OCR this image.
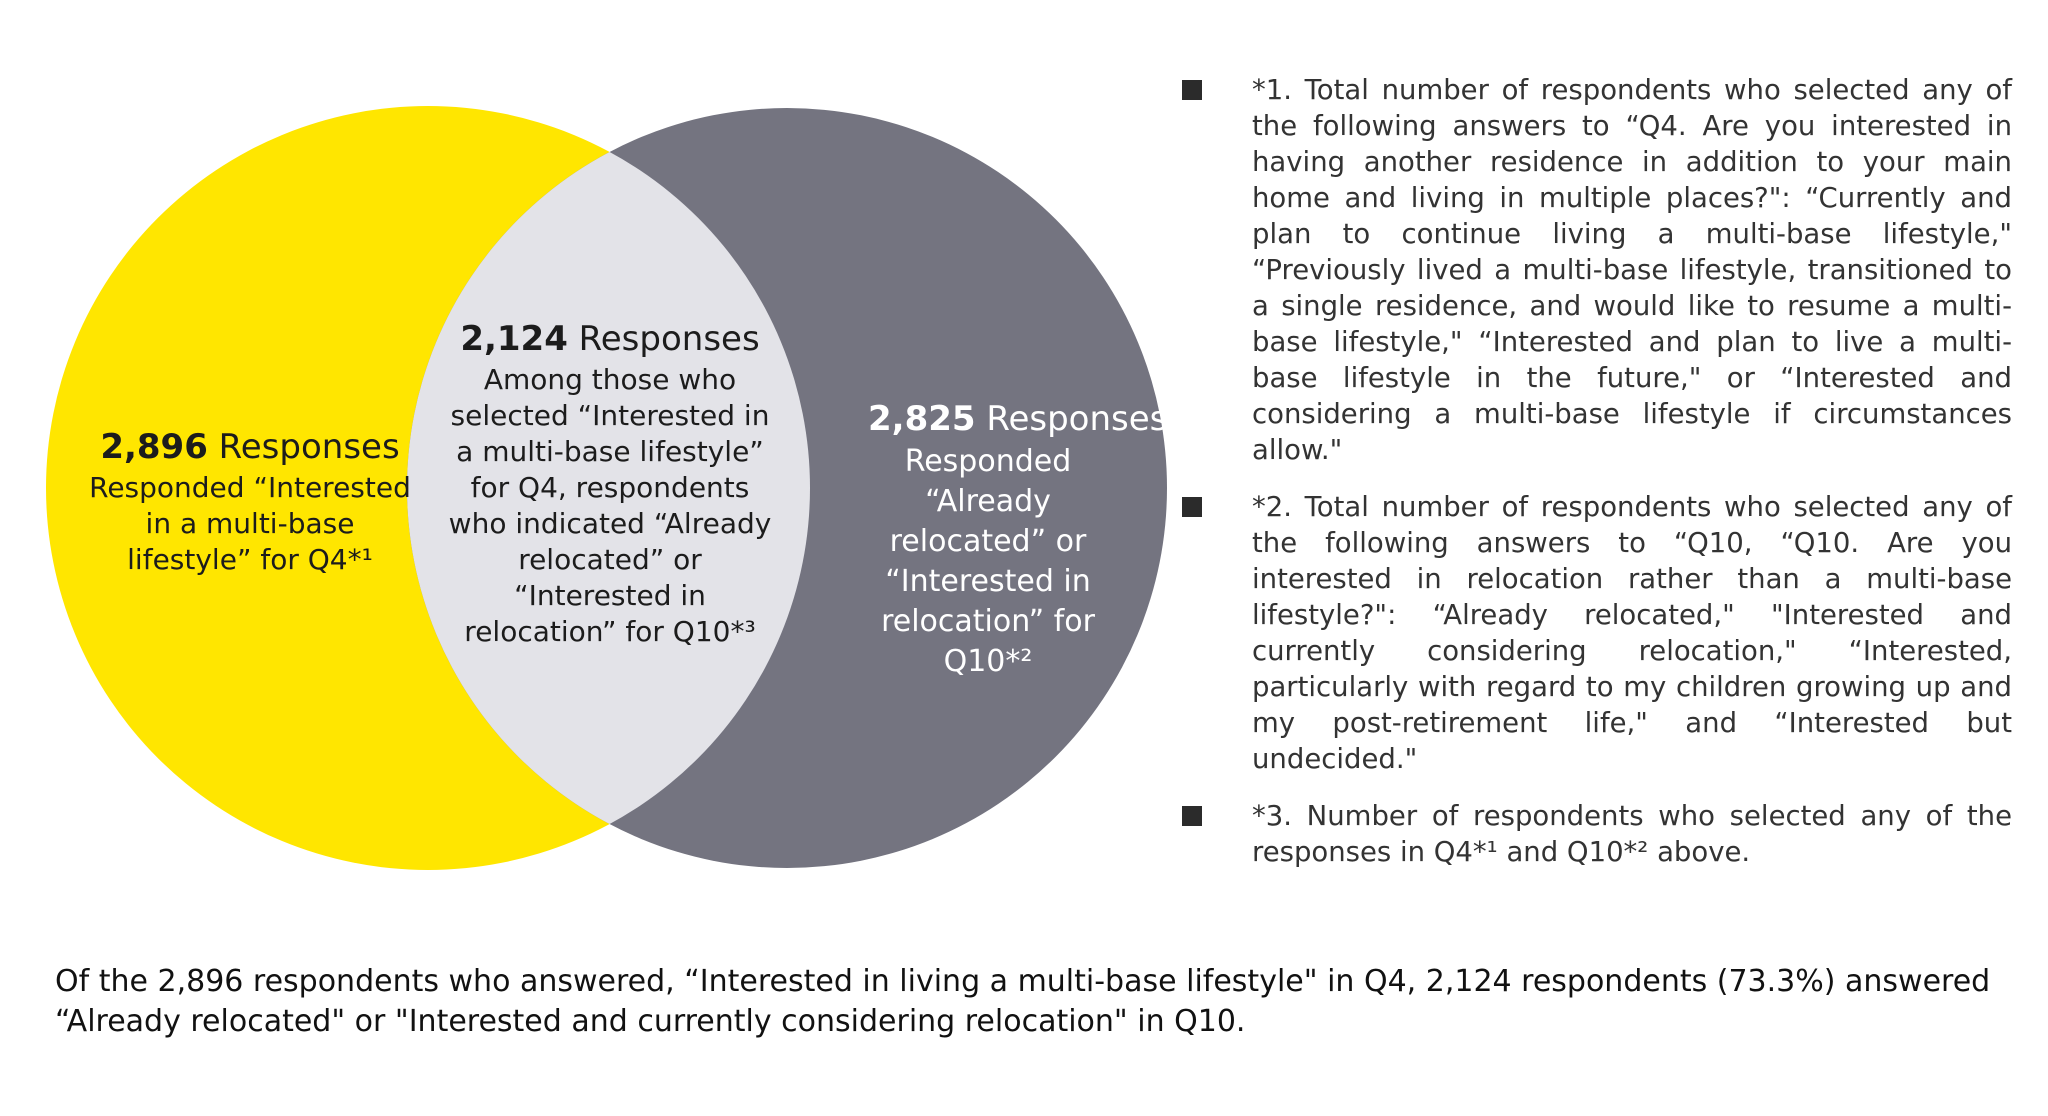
2,896 Responses
Responded “Interested in a multi-base lifestyle” for Q4*¹
2,124 Responses
Among those who selected “Interested in a multi-base lifestyle” for Q4, respondents who indicated “Already relocated” or “Interested in relocation” for Q10*³
2,825 Responses
Responded “Already relocated” or “Interested in relocation” for Q10*²
*1. Total number of respondents who selected any of the following answers to “Q4. Are you interested in having another residence in addition to your main home and living in multiple places?": “Currently and plan to continue living a multi-base lifestyle," “Previously lived a multi-base lifestyle, transitioned to a single residence, and would like to resume a multi-base lifestyle," “Interested and plan to live a multi-base lifestyle in the future," or “Interested and considering a multi-base lifestyle if circumstances allow."
*2. Total number of respondents who selected any of the following answers to “Q10, “Q10. Are you interested in relocation rather than a multi-base lifestyle?": “Already relocated," "Interested and currently considering relocation," “Interested, particularly with regard to my children growing up and my post-retirement life," and “Interested but undecided."
*3. Number of respondents who selected any of the responses in Q4*¹ and Q10*² above.
Of the 2,896 respondents who answered, “Interested in living a multi-base lifestyle" in Q4, 2,124 respondents (73.3%) answered “Already relocated" or "Interested and currently considering relocation" in Q10.
